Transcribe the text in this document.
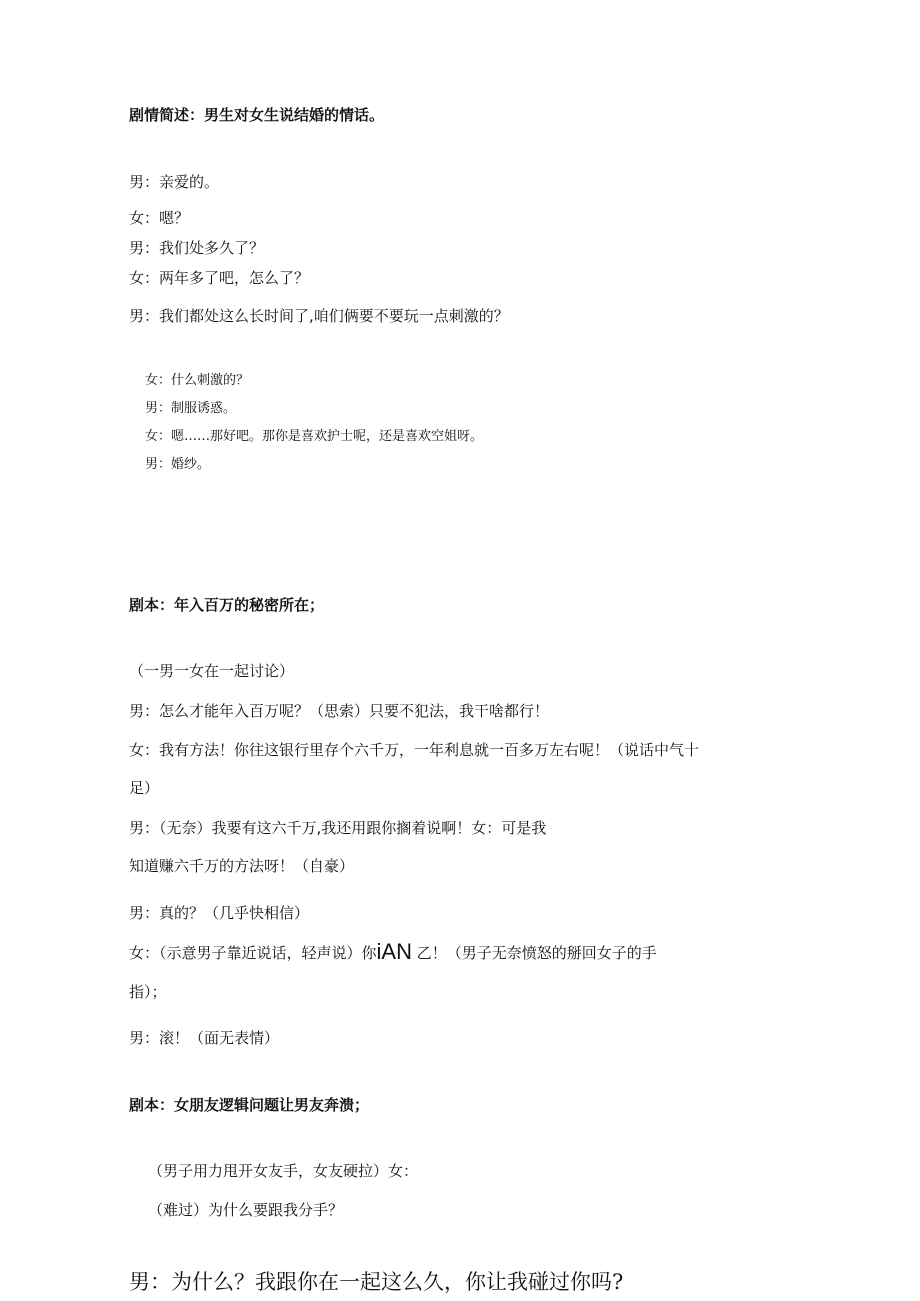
剧情简述：男生对女生说结婚的情话。
男：亲爱的。
女：嗯？
男：我们处多久了？
女：两年多了吧，怎么了？
男：我们都处这么长时间了,咱们俩要不要玩一点刺激的？
女：什么刺激的？
男：制服诱惑。
女：嗯……那好吧。那你是喜欢护士呢，还是喜欢空姐呀。
男：婚纱。
剧本：年入百万的秘密所在；
（一男一女在一起讨论）
男：怎么才能年入百万呢？（思索）只要不犯法，我干啥都行！
女：我有方法！你往这银行里存个六千万，一年利息就一百多万左右呢！（说话中气十
足）
男：（无奈）我要有这六千万,我还用跟你搁着说啊！女：可是我
知道赚六千万的方法呀！（自豪）
男：真的？（几乎快相信）
女：（示意男子靠近说话，轻声说）你iAN 乙！（男子无奈愤怒的掰回女子的手
指）；
男：滚！（面无表情）
剧本：女朋友逻辑问题让男友奔溃；
（男子用力甩开女友手，女友硬拉）女：
（难过）为什么要跟我分手？
男：为什么？我跟你在一起这么久，你让我碰过你吗?
